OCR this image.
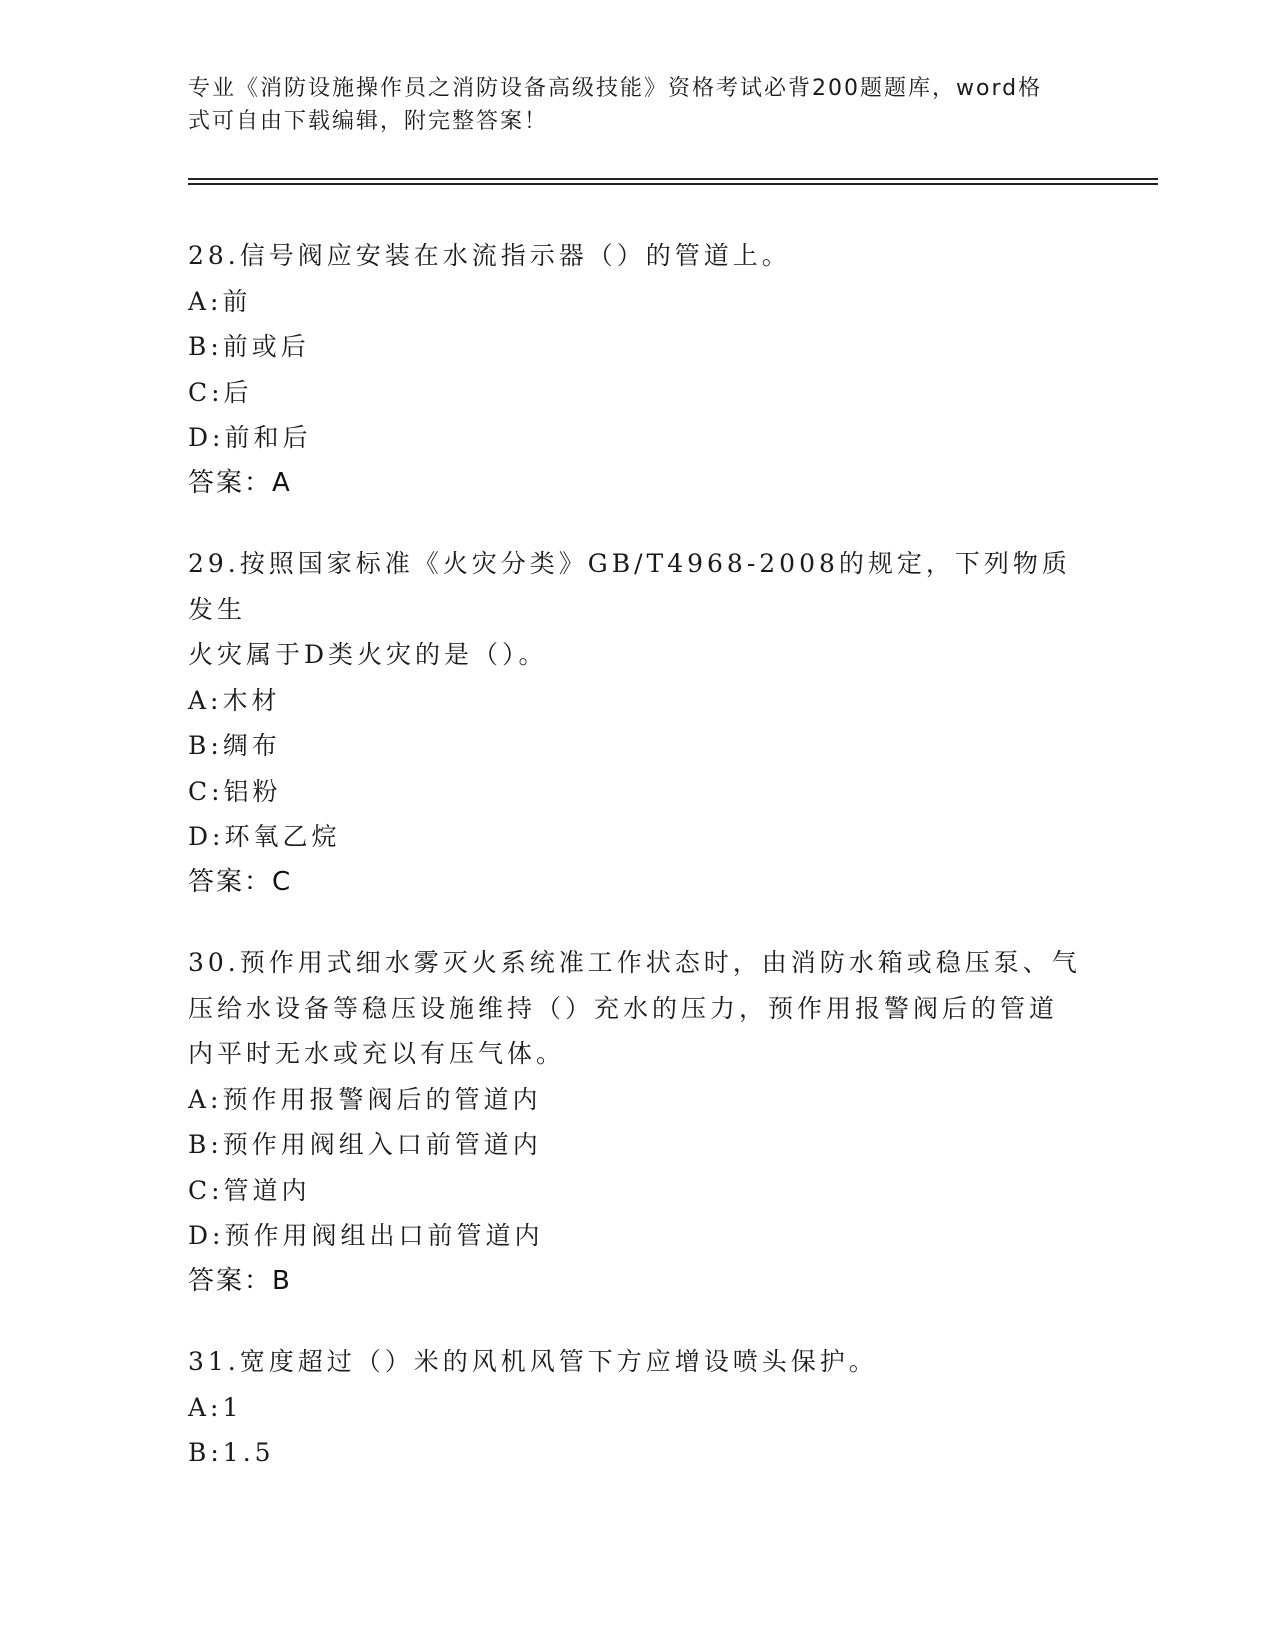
专业《消防设施操作员之消防设备高级技能》资格考试必背200题题库，word格
式可自由下载编辑，附完整答案！
28.信号阀应安装在水流指示器（）的管道上。
A:前
B:前或后
C:后
D:前和后
答案：A
29.按照国家标准《火灾分类》GB/T4968-2008的规定，下列物质发生
火灾属于D类火灾的是（）。
A:木材
B:绸布
C:铝粉
D:环氧乙烷
答案：C
30.预作用式细水雾灭火系统准工作状态时，由消防水箱或稳压泵、气
压给水设备等稳压设施维持（）充水的压力，预作用报警阀后的管道
内平时无水或充以有压气体。
A:预作用报警阀后的管道内
B:预作用阀组入口前管道内
C:管道内
D:预作用阀组出口前管道内
答案：B
31.宽度超过（）米的风机风管下方应增设喷头保护。
A:1
B:1.5
